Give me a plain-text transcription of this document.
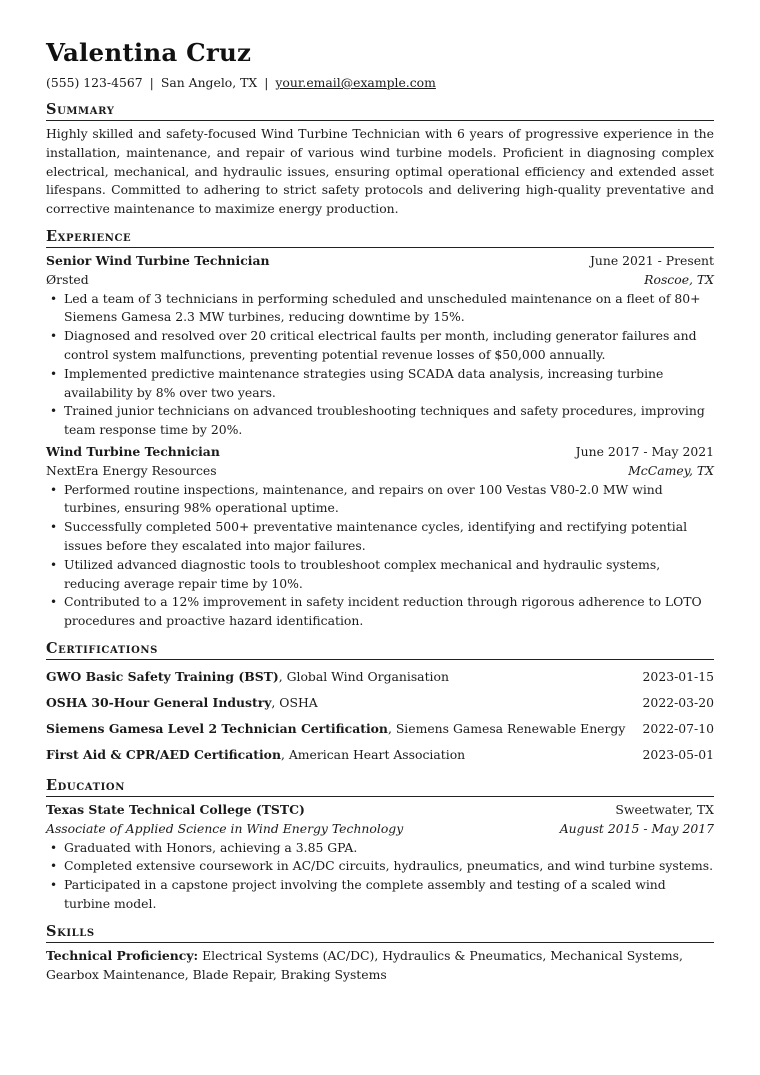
Valentina Cruz
(555) 123-4567 | San Angelo, TX | your.email@example.com
Summary
Highly skilled and safety-focused Wind Turbine Technician with 6 years of progressive experience in the installation, maintenance, and repair of various wind turbine models. Proficient in diagnosing complex electrical, mechanical, and hydraulic issues, ensuring optimal operational efficiency and extended asset lifespans. Committed to adhering to strict safety protocols and delivering high-quality preventative and corrective maintenance to maximize energy production.
Experience
Senior Wind Turbine Technician	June 2021 - Present
Ørsted	Roscoe, TX
• Led a team of 3 technicians in performing scheduled and unscheduled maintenance on a fleet of 80+ Siemens Gamesa 2.3 MW turbines, reducing downtime by 15%.
• Diagnosed and resolved over 20 critical electrical faults per month, including generator failures and control system malfunctions, preventing potential revenue losses of $50,000 annually.
• Implemented predictive maintenance strategies using SCADA data analysis, increasing turbine availability by 8% over two years.
• Trained junior technicians on advanced troubleshooting techniques and safety procedures, improving team response time by 20%.
Wind Turbine Technician	June 2017 - May 2021
NextEra Energy Resources	McCamey, TX
• Performed routine inspections, maintenance, and repairs on over 100 Vestas V80-2.0 MW wind turbines, ensuring 98% operational uptime.
• Successfully completed 500+ preventative maintenance cycles, identifying and rectifying potential issues before they escalated into major failures.
• Utilized advanced diagnostic tools to troubleshoot complex mechanical and hydraulic systems, reducing average repair time by 10%.
• Contributed to a 12% improvement in safety incident reduction through rigorous adherence to LOTO procedures and proactive hazard identification.
Certifications
GWO Basic Safety Training (BST), Global Wind Organisation	2023-01-15
OSHA 30-Hour General Industry, OSHA	2022-03-20
Siemens Gamesa Level 2 Technician Certification, Siemens Gamesa Renewable Energy 2022-07-10
First Aid & CPR/AED Certification, American Heart Association	2023-05-01
Education
Texas State Technical College (TSTC)	Sweetwater, TX
Associate of Applied Science in Wind Energy Technology	August 2015 - May 2017
• Graduated with Honors, achieving a 3.85 GPA.
• Completed extensive coursework in AC/DC circuits, hydraulics, pneumatics, and wind turbine systems.
• Participated in a capstone project involving the complete assembly and testing of a scaled wind turbine model.
Skills
Technical Proficiency: Electrical Systems (AC/DC), Hydraulics & Pneumatics, Mechanical Systems, Gearbox Maintenance, Blade Repair, Braking Systems
